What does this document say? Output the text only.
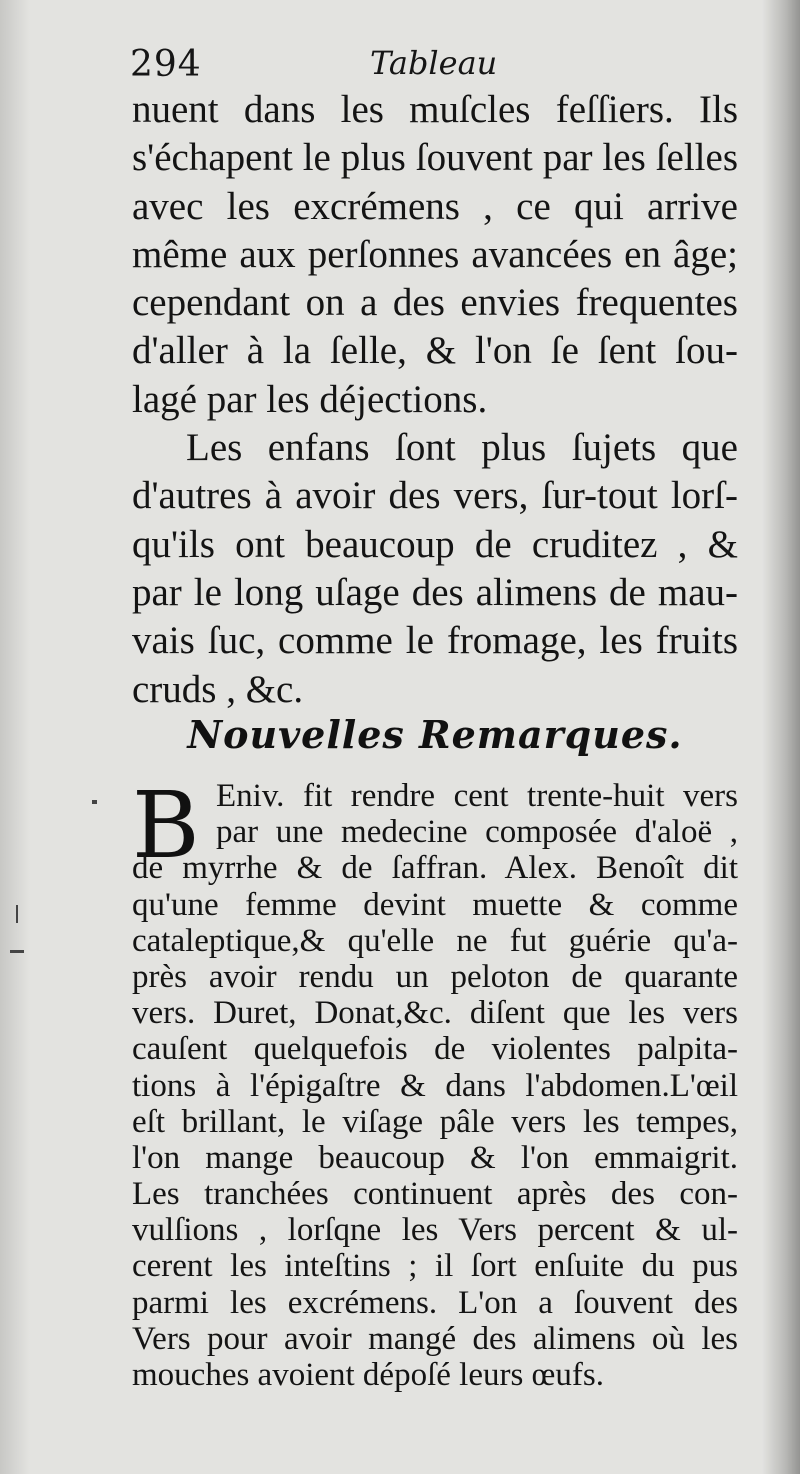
294	Tableau
nuent dans les muſcles feſſiers. Ils
s'échapent le plus ſouvent par les ſelles
avec les excrémens , ce qui arrive
même aux perſonnes avancées en âge;
cependant on a des envies frequentes
d'aller à la ſelle, & l'on ſe ſent ſou-
lagé par les déjections.
Les enfans ſont plus ſujets que
d'autres à avoir des vers, ſur-tout lorſ-
qu'ils ont beaucoup de cruditez , &
par le long uſage des alimens de mau-
vais ſuc, comme le fromage, les fruits
cruds , &c.
Nouvelles Remarques.
B Eniv. fit rendre cent trente-huit vers
par une medecine composée d'aloë ,
de myrrhe & de ſaffran. Alex. Benoît dit
qu'une femme devint muette & comme
cataleptique,& qu'elle ne fut guérie qu'a-
près avoir rendu un peloton de quarante
vers. Duret, Donat,&c. diſent que les vers
cauſent quelquefois de violentes palpita-
tions à l'épigaſtre & dans l'abdomen.L'œil
eſt brillant, le viſage pâle vers les tempes,
l'on mange beaucoup & l'on emmaigrit.
Les tranchées continuent après des con-
vulſions , lorſqne les Vers percent & ul-
cerent les inteſtins ; il ſort enſuite du pus
parmi les excrémens. L'on a ſouvent des
Vers pour avoir mangé des alimens où les
mouches avoient dépoſé leurs œufs.
